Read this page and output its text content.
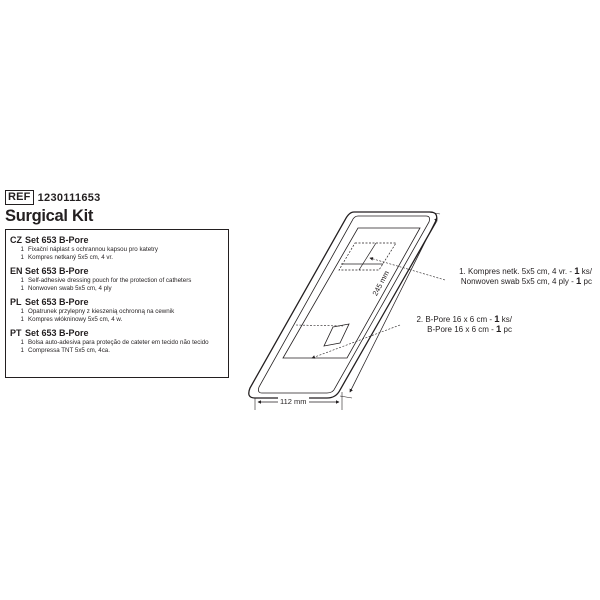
REF 1230111653
Surgical Kit
CZ Set 653 B-Pore
1 Fixační náplast s ochrannou kapsou pro katetry
1 Kompres netkaný 5x5 cm, 4 vr.
EN Set 653 B-Pore
1 Self-adhesive dressing pouch for the protection of catheters
1 Nonwoven swab 5x5 cm, 4 ply
PL Set 653 B-Pore
1 Opatrunek przylepny z kieszenią ochronną na cewnik
1 Kompres włókninowy 5x5 cm, 4 w.
PT Set 653 B-Pore
1 Bolsa auto-adesiva para proteção de cateter em tecido não tecido
1 Compressa TNT 5x5 cm, 4ca.
112 mm
245 mm	1. Kompres netk. 5x5 cm, 4 vr. - 1 ks/
Nonwoven swab 5x5 cm, 4 ply - 1 pc
2. B-Pore 16 x 6 cm - 1 ks/
B-Pore 16 x 6 cm - 1 pc
